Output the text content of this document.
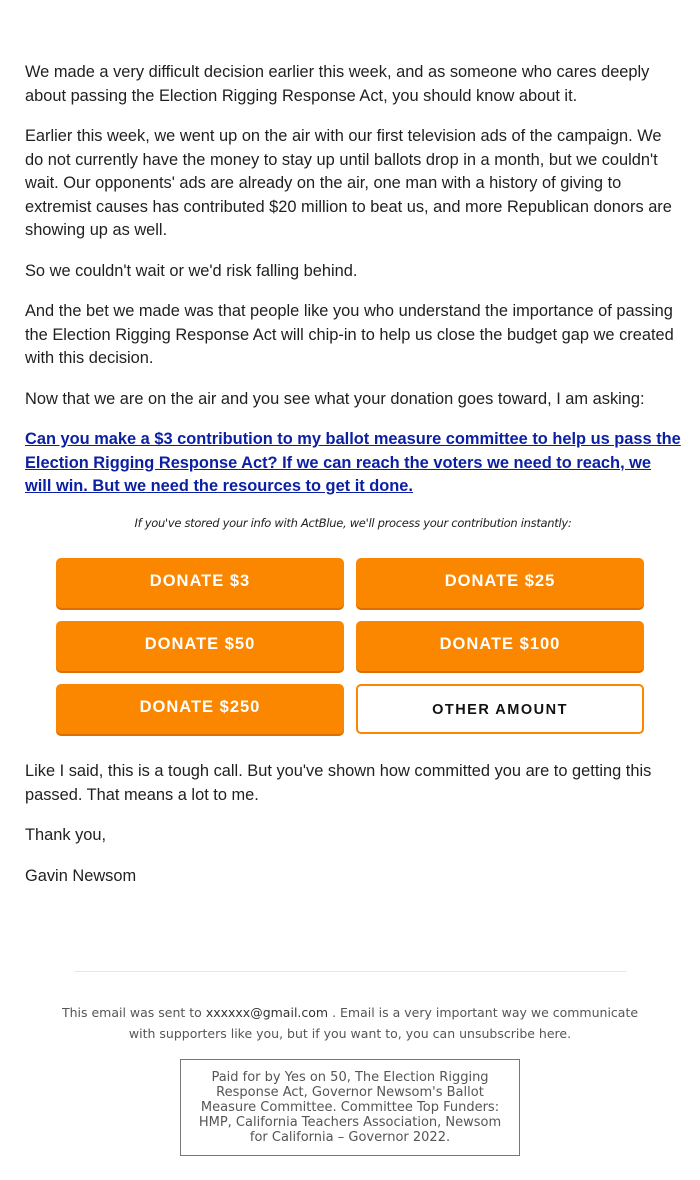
We made a very difficult decision earlier this week, and as someone who cares deeply about passing the Election Rigging Response Act, you should know about it.

Earlier this week, we went up on the air with our first television ads of the campaign. We do not currently have the money to stay up until ballots drop in a month, but we couldn't wait. Our opponents' ads are already on the air, one man with a history of giving to extremist causes has contributed $20 million to beat us, and more Republican donors are showing up as well.

So we couldn't wait or we'd risk falling behind.

And the bet we made was that people like you who understand the importance of passing the Election Rigging Response Act will chip-in to help us close the budget gap we created with this decision.

Now that we are on the air and you see what your donation goes toward, I am asking:

Can you make a $3 contribution to my ballot measure committee to help us pass the Election Rigging Response Act? If we can reach the voters we need to reach, we will win. But we need the resources to get it done.

If you've stored your info with ActBlue, we'll process your contribution instantly:

DONATE $3	DONATE $25
DONATE $50	DONATE $100
DONATE $250	OTHER AMOUNT

Like I said, this is a tough call. But you've shown how committed you are to getting this passed. That means a lot to me.

Thank you,

Gavin Newsom

This email was sent to xxxxxx@gmail.com . Email is a very important way we communicate with supporters like you, but if you want to, you can unsubscribe here.
Paid for by Yes on 50, The Election Rigging Response Act, Governor Newsom's Ballot Measure Committee. Committee Top Funders: HMP, California Teachers Association, Newsom for California – Governor 2022.
